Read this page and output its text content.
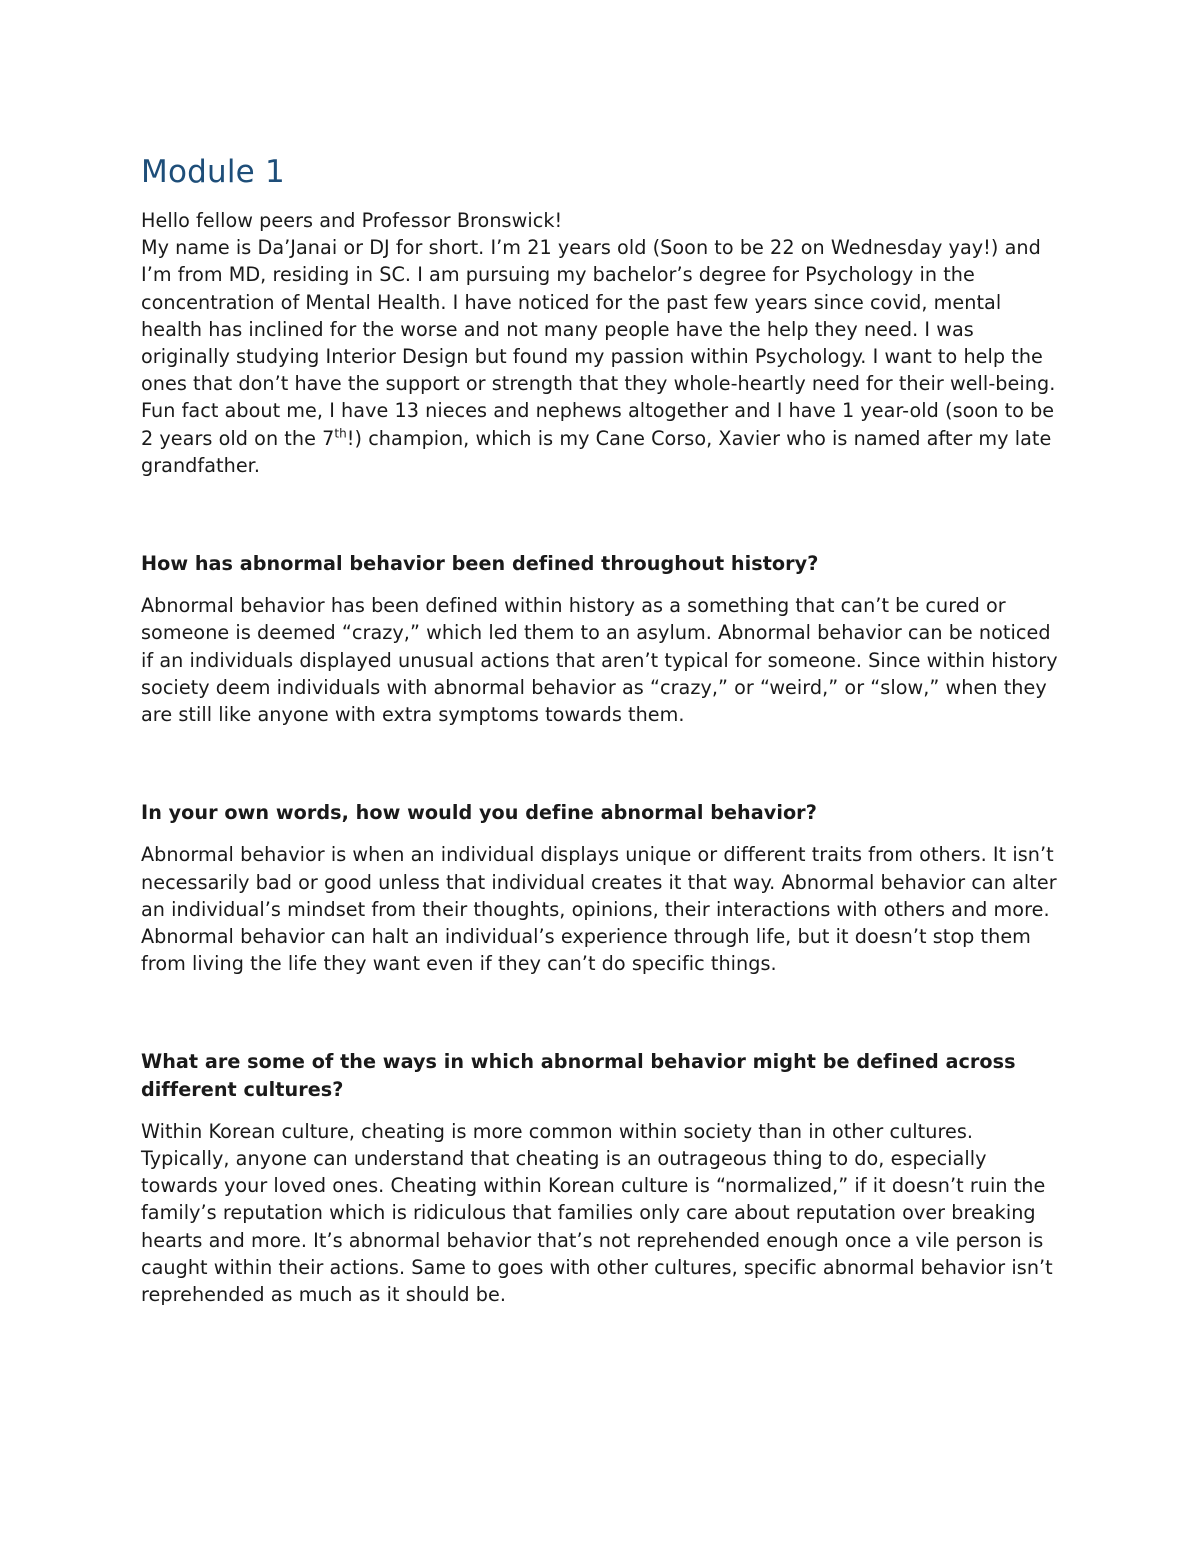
Module 1

Hello fellow peers and Professor Bronswick!

My name is Da’Janai or DJ for short. I’m 21 years old (Soon to be 22 on Wednesday yay!) and I’m from MD, residing in SC. I am pursuing my bachelor’s degree for Psychology in the concentration of Mental Health. I have noticed for the past few years since covid, mental health has inclined for the worse and not many people have the help they need. I was originally studying Interior Design but found my passion within Psychology. I want to help the ones that don’t have the support or strength that they whole-heartly need for their well-being. Fun fact about me, I have 13 nieces and nephews altogether and I have 1 year-old (soon to be 2 years old on the 7th!) champion, which is my Cane Corso, Xavier who is named after my late grandfather.

How has abnormal behavior been defined throughout history?

Abnormal behavior has been defined within history as a something that can’t be cured or someone is deemed “crazy,” which led them to an asylum. Abnormal behavior can be noticed if an individuals displayed unusual actions that aren’t typical for someone. Since within history society deem individuals with abnormal behavior as “crazy,” or “weird,” or “slow,” when they are still like anyone with extra symptoms towards them.

In your own words, how would you define abnormal behavior?

Abnormal behavior is when an individual displays unique or different traits from others. It isn’t necessarily bad or good unless that individual creates it that way. Abnormal behavior can alter an individual’s mindset from their thoughts, opinions, their interactions with others and more. Abnormal behavior can halt an individual’s experience through life, but it doesn’t stop them from living the life they want even if they can’t do specific things.

What are some of the ways in which abnormal behavior might be defined across different cultures?

Within Korean culture, cheating is more common within society than in other cultures. Typically, anyone can understand that cheating is an outrageous thing to do, especially towards your loved ones. Cheating within Korean culture is “normalized,” if it doesn’t ruin the family’s reputation which is ridiculous that families only care about reputation over breaking hearts and more. It’s abnormal behavior that’s not reprehended enough once a vile person is caught within their actions. Same to goes with other cultures, specific abnormal behavior isn’t reprehended as much as it should be.
